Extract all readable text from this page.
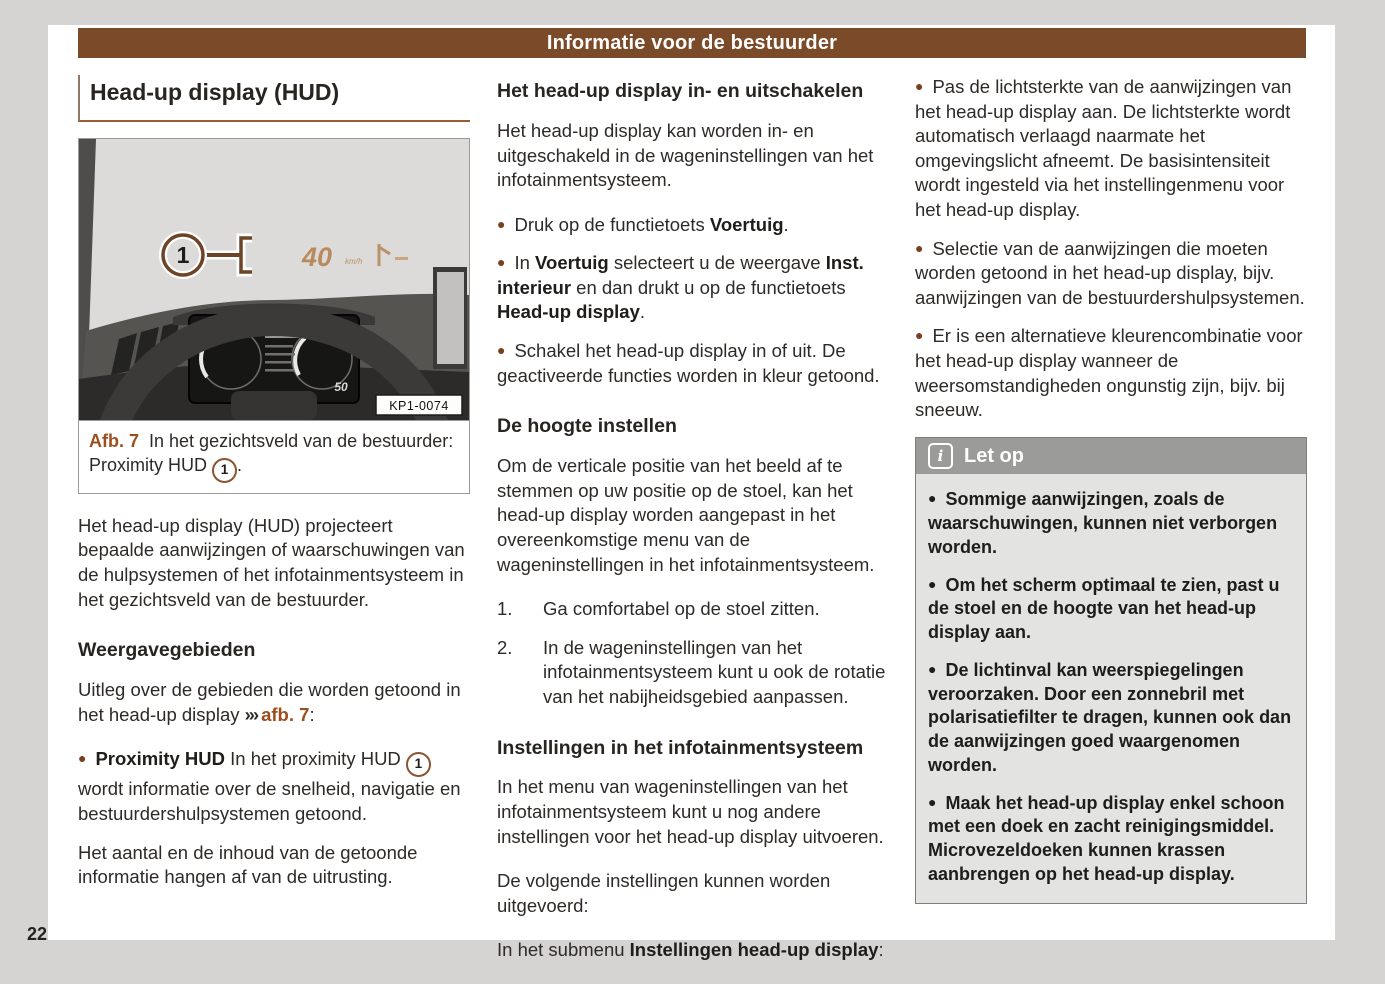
Informatie voor de bestuurder
Head-up display (HUD)
50
40 km/h
1
KP1-0074
Afb. 7 In het gezichtsveld van de bestuurder: Proximity HUD 1 .

Het head-up display (HUD) projecteert bepaalde aanwijzingen of waarschuwingen van de hulpsystemen of het infotainmentsysteem in het gezichtsveld van de bestuurder.

Weergavegebieden

Uitleg over de gebieden die worden getoond in het head-up display ››› afb. 7:

● Proximity HUD In het proximity HUD 1 wordt informatie over de snelheid, navigatie en bestuurdershulpsystemen getoond.

Het aantal en de inhoud van de getoonde informatie hangen af van de uitrusting.

Het head-up display in- en uitschakelen

Het head-up display kan worden in- en uitgeschakeld in de wageninstellingen van het infotainmentsysteem.

● Druk op de functietoets Voertuig.

● In Voertuig selecteert u de weergave Inst. interieur en dan drukt u op de functietoets Head-up display.

● Schakel het head-up display in of uit. De geactiveerde functies worden in kleur getoond.

De hoogte instellen

Om de verticale positie van het beeld af te stemmen op uw positie op de stoel, kan het head-up display worden aangepast in het overeenkomstige menu van de wageninstellingen in het infotainmentsysteem.

1.	Ga comfortabel op de stoel zitten.
2.	In de wageninstellingen van het infotainmentsysteem kunt u ook de rotatie van het nabijheidsgebied aanpassen.
Instellingen in het infotainmentsysteem

In het menu van wageninstellingen van het infotainmentsysteem kunt u nog andere instellingen voor het head-up display uitvoeren.

De volgende instellingen kunnen worden uitgevoerd:

In het submenu Instellingen head-up display:

● Pas de lichtsterkte van de aanwijzingen van het head-up display aan. De lichtsterkte wordt automatisch verlaagd naarmate het omgevingslicht afneemt. De basisintensiteit wordt ingesteld via het instellingenmenu voor het head-up display.

● Selectie van de aanwijzingen die moeten worden getoond in het head-up display, bijv. aanwijzingen van de bestuurdershulpsystemen.

● Er is een alternatieve kleurencombinatie voor het head-up display wanneer de weersomstandigheden ongunstig zijn, bijv. bij sneeuw.

i	Let op

● Sommige aanwijzingen, zoals de waarschuwingen, kunnen niet verborgen worden.

● Om het scherm optimaal te zien, past u de stoel en de hoogte van het head-up display aan.

● De lichtinval kan weerspiegelingen veroorzaken. Door een zonnebril met polarisatiefilter te dragen, kunnen ook dan de aanwijzingen goed waargenomen worden.

● Maak het head-up display enkel schoon met een doek en zacht reinigingsmiddel. Microvezeldoeken kunnen krassen aanbrengen op het head-up display.

22
